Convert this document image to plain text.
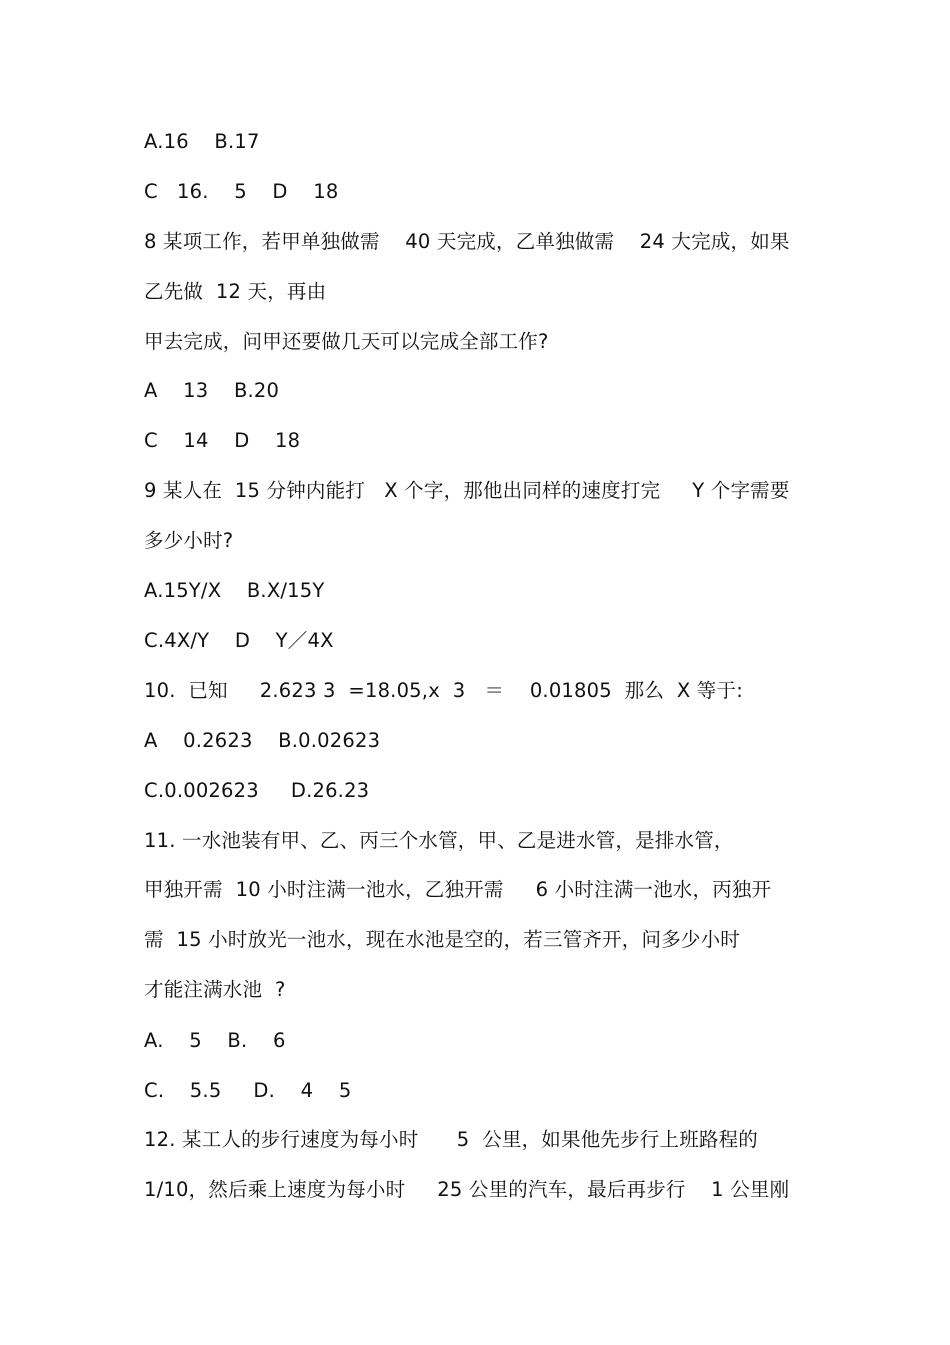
A.16    B.17
C   16.    5    D    18
8 某项工作，若甲单独做需    40 天完成，乙单独做需    24 大完成，如果
乙先做  12 天，再由
甲去完成，问甲还要做几天可以完成全部工作?
A    13    B.20
C    14    D    18
9 某人在  15 分钟内能打   X 个字，那他出同样的速度打完     Y 个字需要
多少小时?
A.15Y/X    B.X/15Y
C.4X/Y    D    Y／4X
10.  已知     2.623 3  =18.05,x  3   ＝    0.01805  那么  X 等于:
A    0.2623    B.0.02623
C.0.002623     D.26.23
11. 一水池装有甲、乙、丙三个水管，甲、乙是进水管，是排水管，
甲独开需  10 小时注满一池水，乙独开需     6 小时注满一池水，丙独开
需  15 小时放光一池水，现在水池是空的，若三管齐开，问多少小时
才能注满水池  ?
A.    5    B.    6
C.    5.5     D.    4    5
12. 某工人的步行速度为每小时      5  公里，如果他先步行上班路程的
1/10，然后乘上速度为每小时     25 公里的汽车，最后再步行    1 公里刚
